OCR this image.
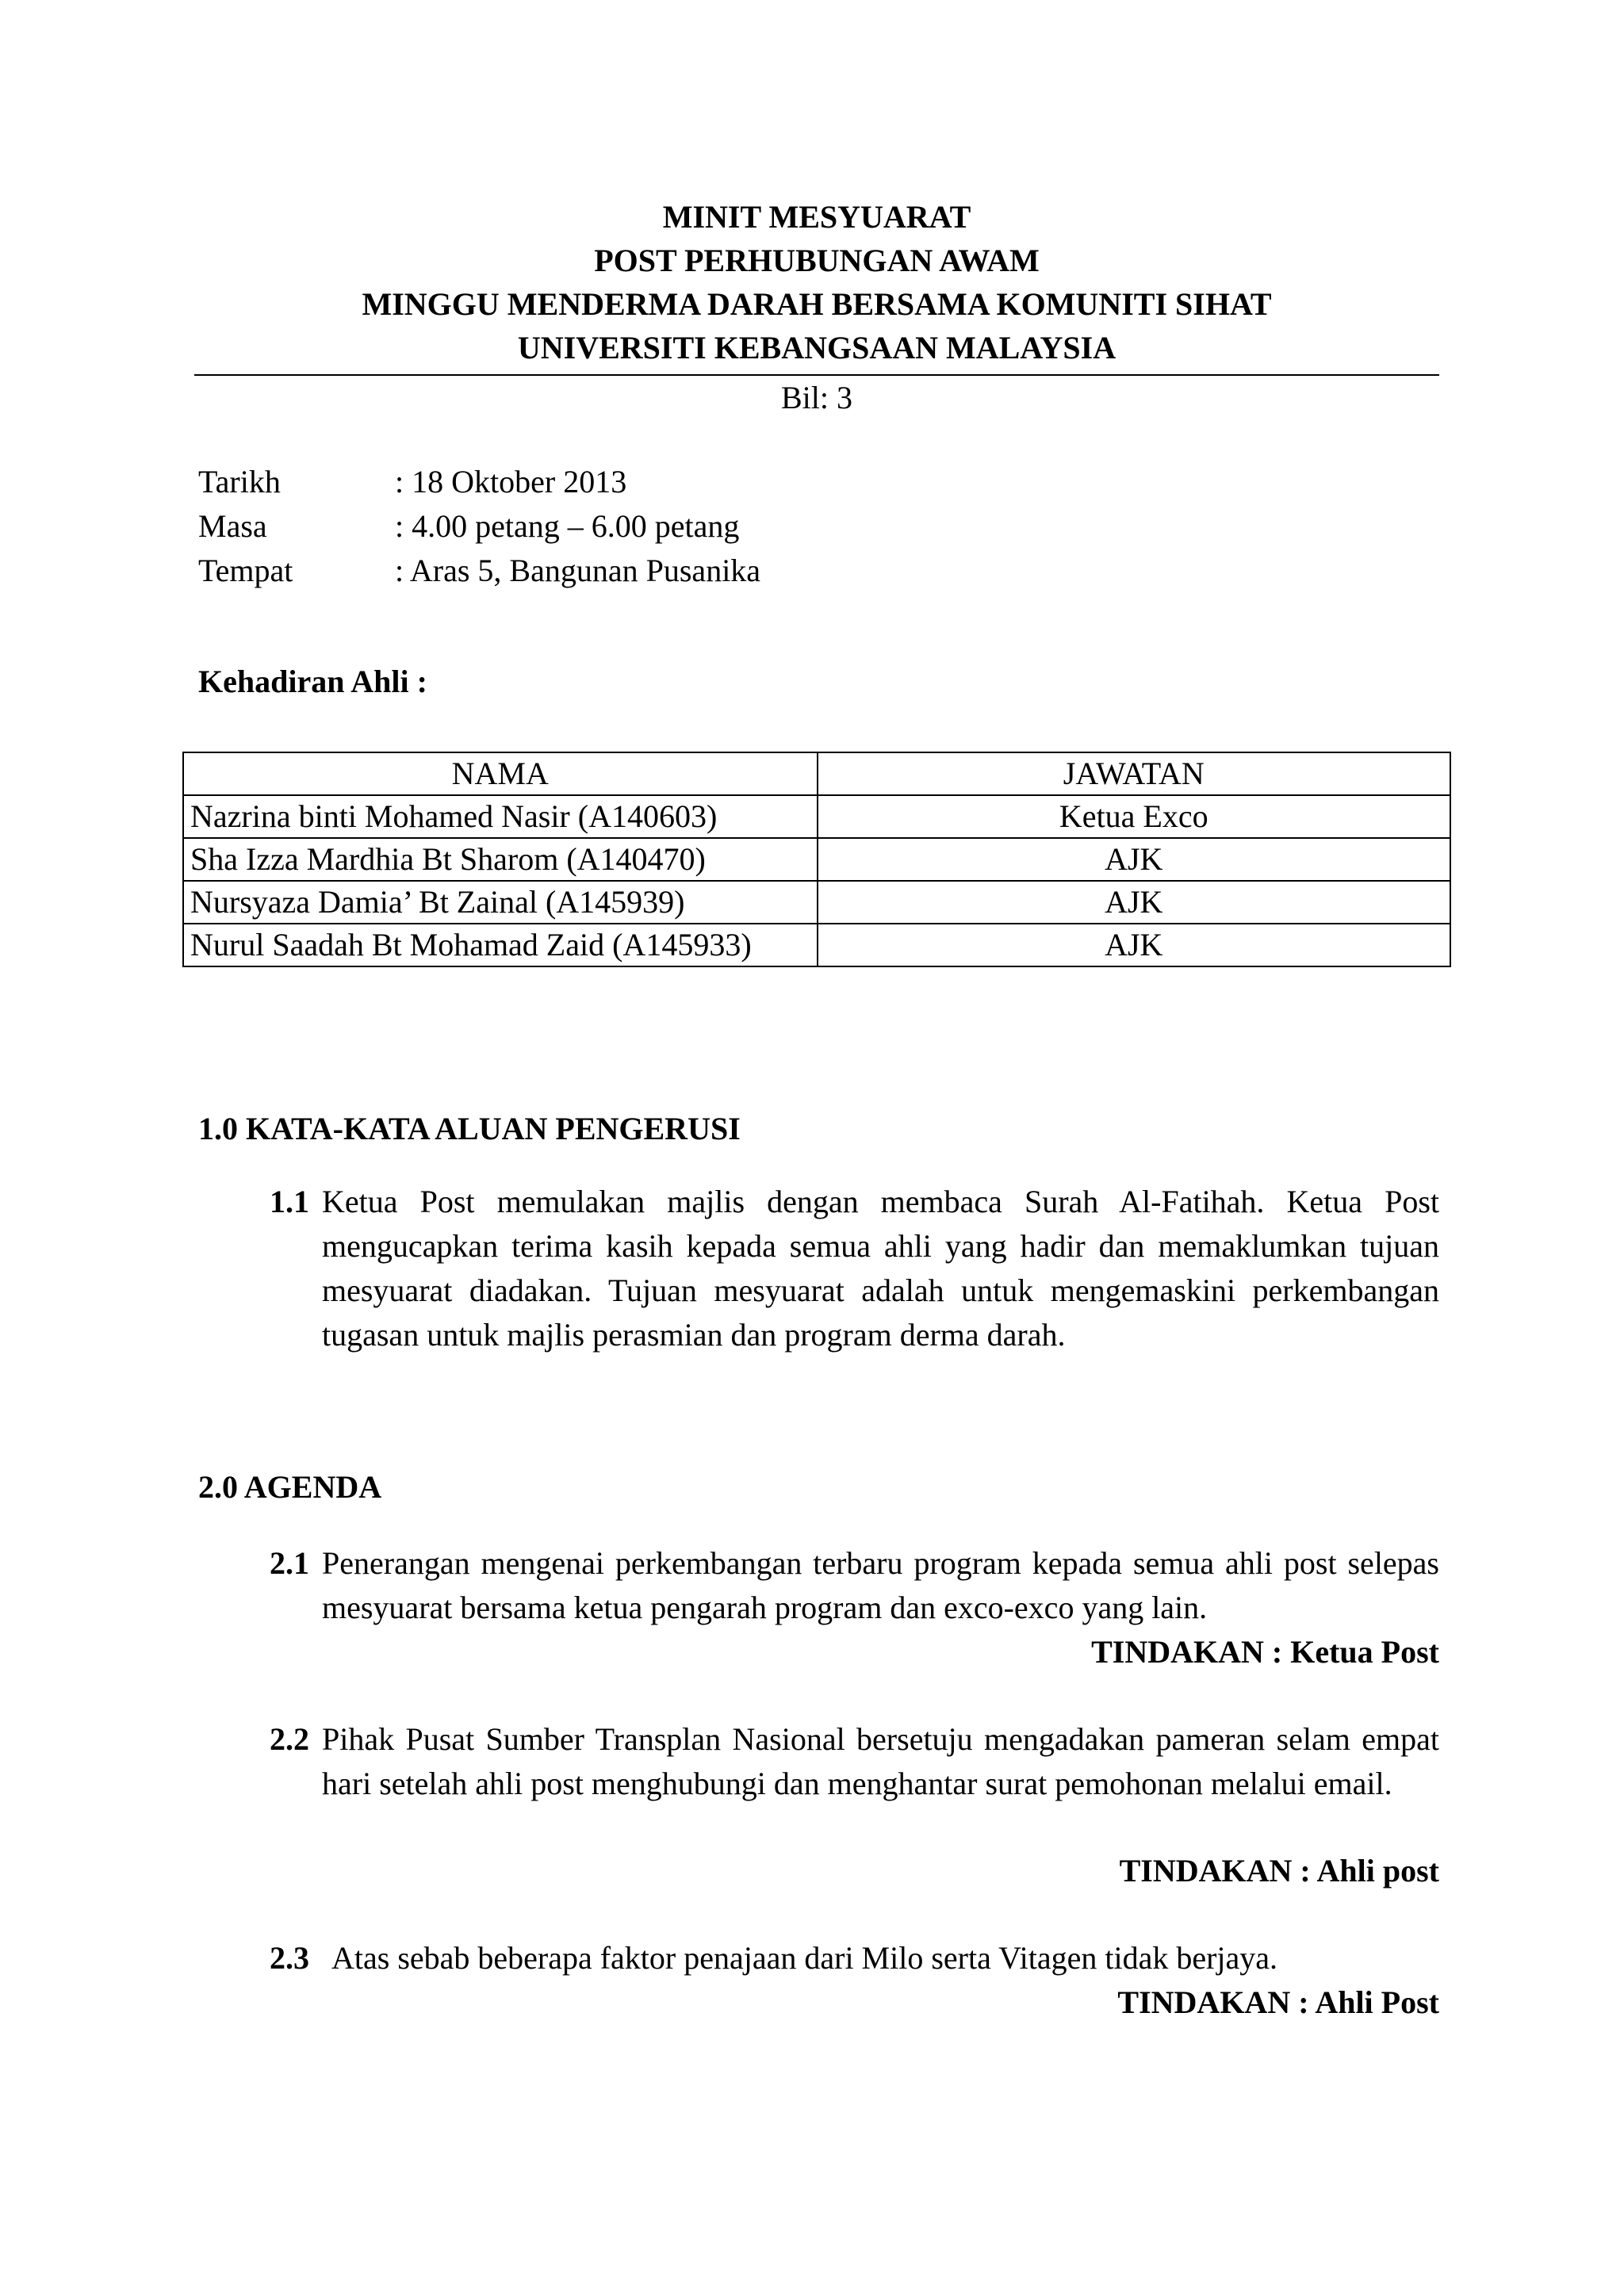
MINIT MESYUARAT
POST PERHUBUNGAN AWAM
MINGGU MENDERMA DARAH BERSAMA KOMUNITI SIHAT
UNIVERSITI KEBANGSAAN MALAYSIA
Bil: 3
Tarikh	: 18 Oktober 2013
Masa	: 4.00 petang – 6.00 petang
Tempat	: Aras 5, Bangunan Pusanika
Kehadiran Ahli :
NAMA	JAWATAN
Nazrina binti Mohamed Nasir (A140603)	Ketua Exco
Sha Izza Mardhia Bt Sharom (A140470)	AJK
Nursyaza Damia’ Bt Zainal (A145939)	AJK
Nurul Saadah Bt Mohamad Zaid (A145933)	AJK
1.0 KATA-KATA ALUAN PENGERUSI
1.1 Ketua Post memulakan majlis dengan membaca Surah Al-Fatihah. Ketua Post mengucapkan terima kasih kepada semua ahli yang hadir dan memaklumkan tujuan mesyuarat diadakan. Tujuan mesyuarat adalah untuk mengemaskini perkembangan tugasan untuk majlis perasmian dan program derma darah.
2.0 AGENDA
2.1 Penerangan mengenai perkembangan terbaru program kepada semua ahli post selepas mesyuarat bersama ketua pengarah program dan exco-exco yang lain.
TINDAKAN : Ketua Post
2.2 Pihak Pusat Sumber Transplan Nasional bersetuju mengadakan pameran selam empat hari setelah ahli post menghubungi dan menghantar surat pemohonan melalui email.
TINDAKAN : Ahli post
2.3 Atas sebab beberapa faktor penajaan dari Milo serta Vitagen tidak berjaya.
TINDAKAN : Ahli Post
